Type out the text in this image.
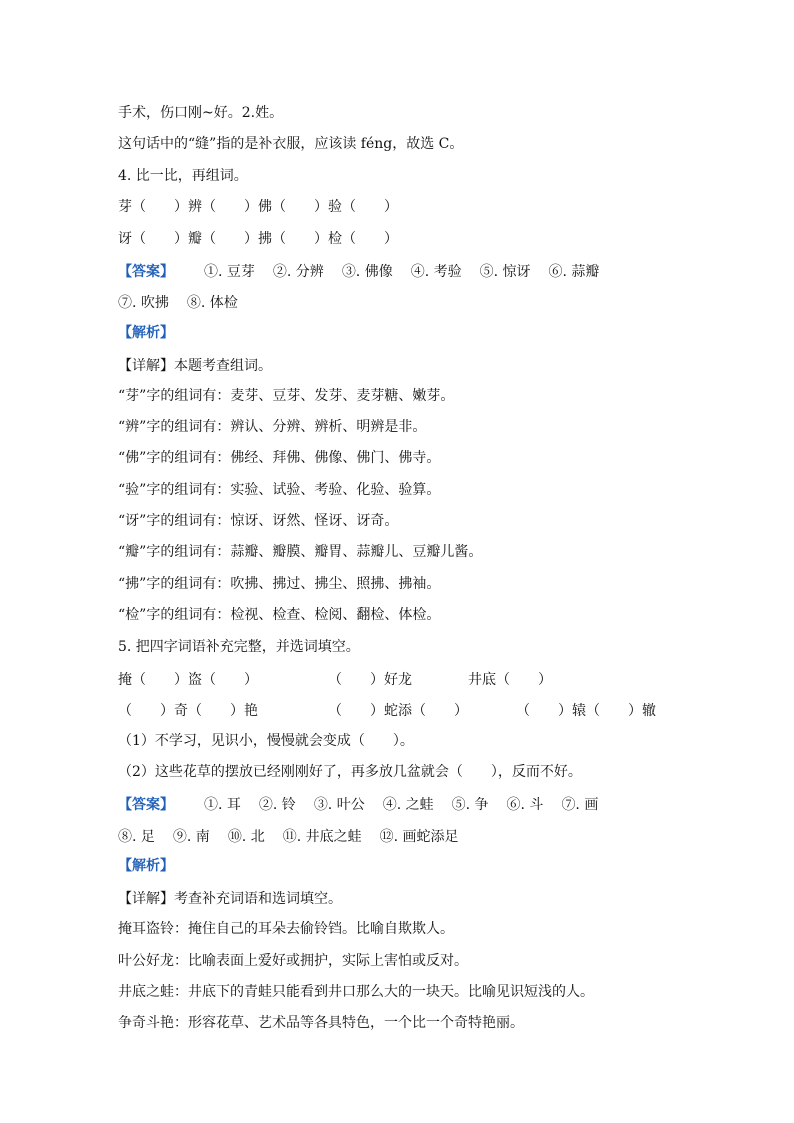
手术，伤口刚~好。2.姓。
这句话中的“缝”指的是补衣服，应该读 féng，故选 C。
4. 比一比，再组词。
芽（　　）辨（　　）佛（　　）验（　　）
讶（　　）瓣（　　）拂（　　）检（　　）
【答案】 ①. 豆芽 ②. 分辨 ③. 佛像 ④. 考验 ⑤. 惊讶 ⑥. 蒜瓣
⑦. 吹拂 ⑧. 体检
【解析】
【详解】 本题考查组词。
“芽”字的组词有：麦芽、豆芽、发芽、麦芽糖、嫩芽。
“辨”字的组词有：辨认、分辨、辨析、明辨是非。
“佛”字的组词有：佛经、拜佛、佛像、佛门、佛寺。
“验”字的组词有：实验、试验、考验、化验、验算。
“讶”字的组词有：惊讶、讶然、怪讶、讶奇。
“瓣”字的组词有：蒜瓣、瓣膜、瓣胃、蒜瓣儿、豆瓣儿酱。
“拂”字的组词有：吹拂、拂过、拂尘、照拂、拂袖。
“检”字的组词有：检视、检查、检阅、翻检、体检。
5. 把四字词语补充完整，并选词填空。
掩（　　）盗（　　）	（　　）好龙	井底（　　）
（　　）奇（　　）艳	（　　）蛇添（　　）	（　　）辕（　　）辙
（1）不学习，见识小，慢慢就会变成（　　）。
（2）这些花草的摆放已经刚刚好了，再多放几盆就会（　　），反而不好。
【答案】 ①. 耳 ②. 铃 ③. 叶公 ④. 之蛙 ⑤. 争 ⑥. 斗 ⑦. 画
⑧. 足 ⑨. 南 ⑩. 北 ⑪. 井底之蛙 ⑫. 画蛇添足
【解析】
【详解】 考查补充词语和选词填空。
掩耳盗铃：掩住自己的耳朵去偷铃铛。比喻自欺欺人。
叶公好龙：比喻表面上爱好或拥护，实际上害怕或反对。
井底之蛙：井底下的青蛙只能看到井口那么大的一块天。比喻见识短浅的人。
争奇斗艳：形容花草、艺术品等各具特色，一个比一个奇特艳丽。
